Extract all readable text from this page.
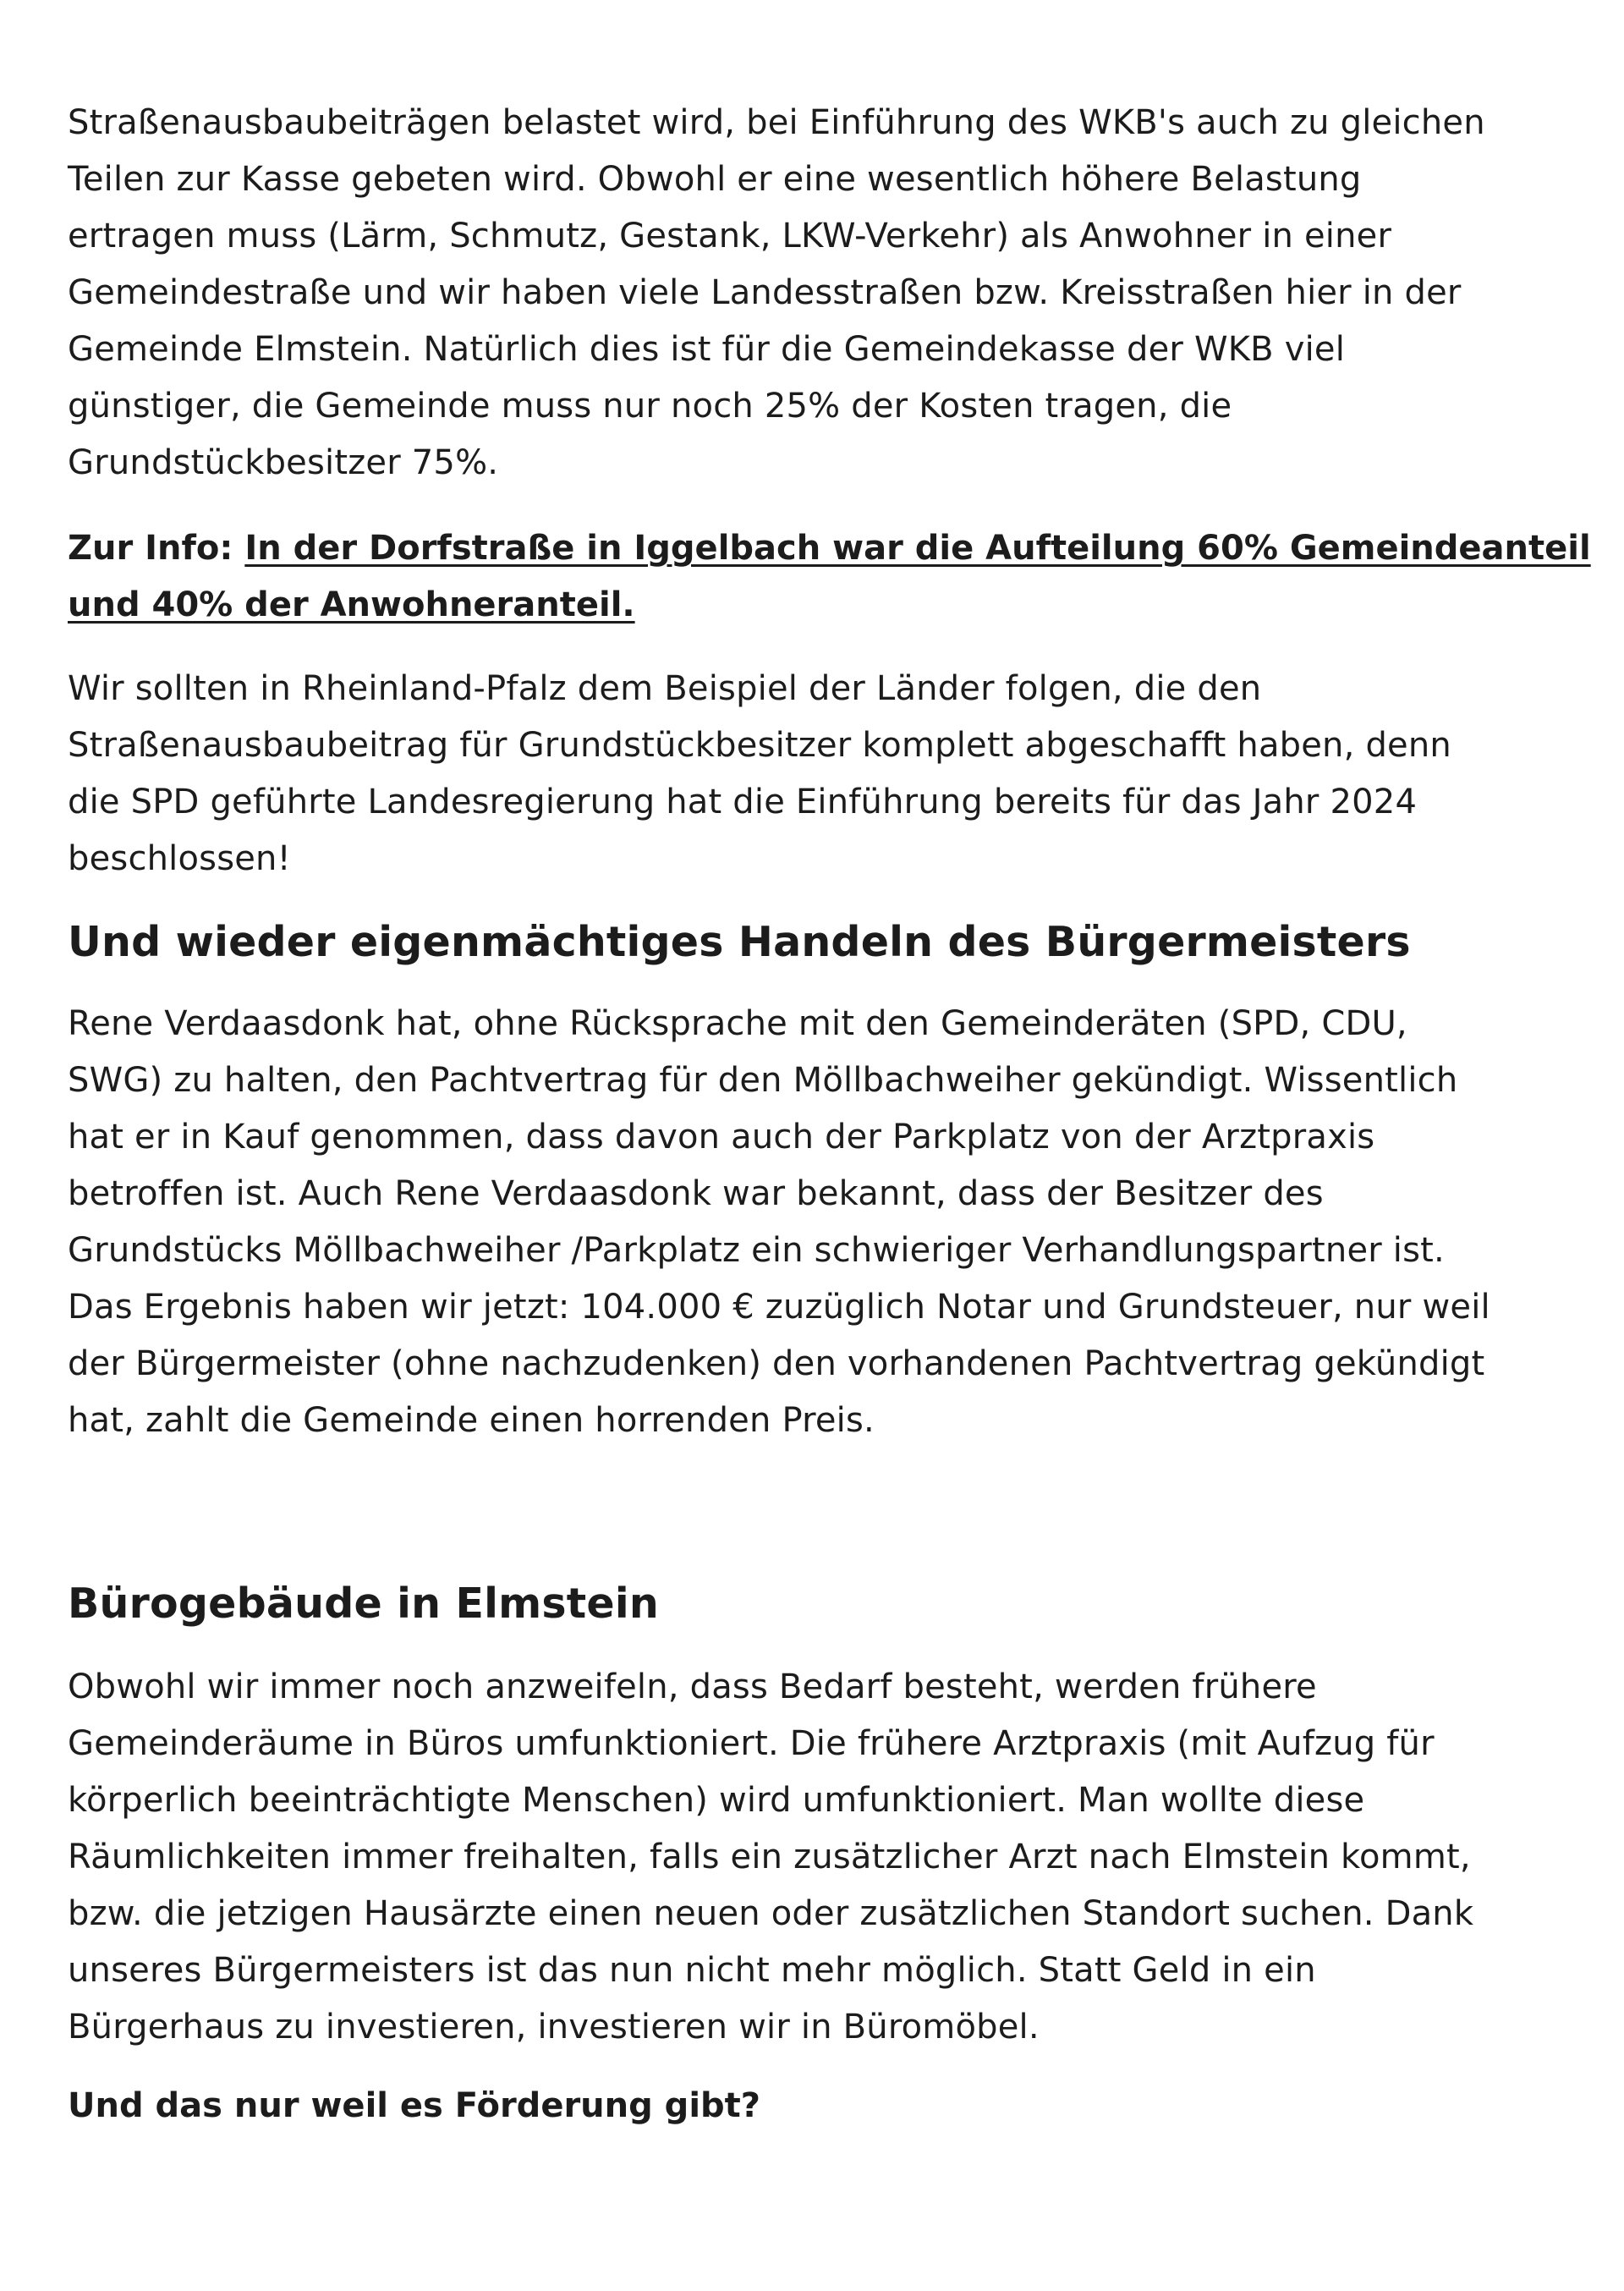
Straßenausbaubeiträgen belastet wird, bei Einführung des WKB's auch zu gleichen
Teilen zur Kasse gebeten wird. Obwohl er eine wesentlich höhere Belastung
ertragen muss (Lärm, Schmutz, Gestank, LKW-Verkehr) als Anwohner in einer
Gemeindestraße und wir haben viele Landesstraßen bzw. Kreisstraßen hier in der
Gemeinde Elmstein. Natürlich dies ist für die Gemeindekasse der WKB viel
günstiger, die Gemeinde muss nur noch 25% der Kosten tragen, die
Grundstückbesitzer 75%.

Zur Info: In der Dorfstraße in Iggelbach war die Aufteilung 60% Gemeindeanteil
und 40% der Anwohneranteil.

Wir sollten in Rheinland-Pfalz dem Beispiel der Länder folgen, die den
Straßenausbaubeitrag für Grundstückbesitzer komplett abgeschafft haben, denn
die SPD geführte Landesregierung hat die Einführung bereits für das Jahr 2024
beschlossen!

Und wieder eigenmächtiges Handeln des Bürgermeisters

Rene Verdaasdonk hat, ohne Rücksprache mit den Gemeinderäten (SPD, CDU,
SWG) zu halten, den Pachtvertrag für den Möllbachweiher gekündigt. Wissentlich
hat er in Kauf genommen, dass davon auch der Parkplatz von der Arztpraxis
betroffen ist. Auch Rene Verdaasdonk war bekannt, dass der Besitzer des
Grundstücks Möllbachweiher /Parkplatz ein schwieriger Verhandlungspartner ist.
Das Ergebnis haben wir jetzt: 104.000 € zuzüglich Notar und Grundsteuer, nur weil
der Bürgermeister (ohne nachzudenken) den vorhandenen Pachtvertrag gekündigt
hat, zahlt die Gemeinde einen horrenden Preis.

Bürogebäude in Elmstein

Obwohl wir immer noch anzweifeln, dass Bedarf besteht, werden frühere
Gemeinderäume in Büros umfunktioniert. Die frühere Arztpraxis (mit Aufzug für
körperlich beeinträchtigte Menschen) wird umfunktioniert. Man wollte diese
Räumlichkeiten immer freihalten, falls ein zusätzlicher Arzt nach Elmstein kommt,
bzw. die jetzigen Hausärzte einen neuen oder zusätzlichen Standort suchen. Dank
unseres Bürgermeisters ist das nun nicht mehr möglich. Statt Geld in ein
Bürgerhaus zu investieren, investieren wir in Büromöbel.

Und das nur weil es Förderung gibt?
